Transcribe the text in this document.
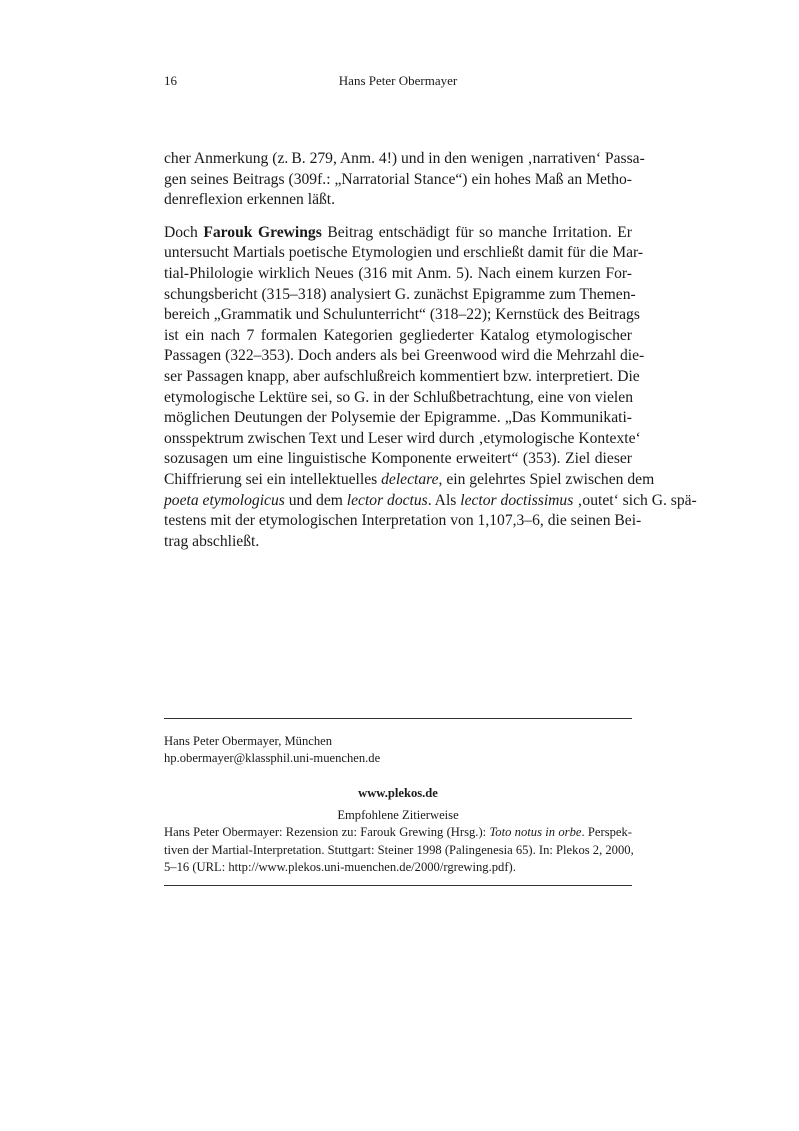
16	Hans Peter Obermayer
cher Anmerkung (z. B. 279, Anm. 4!) und in den wenigen ‚narrativen‘ Passa-
gen seines Beitrags (309f.: „Narratorial Stance“) ein hohes Maß an Metho-
denreflexion erkennen läßt.
Doch Farouk Grewings Beitrag entschädigt für so manche Irritation. Er
untersucht Martials poetische Etymologien und erschließt damit für die Mar-
tial-Philologie wirklich Neues (316 mit Anm. 5). Nach einem kurzen For-
schungsbericht (315–318) analysiert G. zunächst Epigramme zum Themen-
bereich „Grammatik und Schulunterricht“ (318–22); Kernstück des Beitrags
ist ein nach 7 formalen Kategorien gegliederter Katalog etymologischer
Passagen (322–353). Doch anders als bei Greenwood wird die Mehrzahl die-
ser Passagen knapp, aber aufschlußreich kommentiert bzw. interpretiert. Die
etymologische Lektüre sei, so G. in der Schlußbetrachtung, eine von vielen
möglichen Deutungen der Polysemie der Epigramme. „Das Kommunikati-
onsspektrum zwischen Text und Leser wird durch ‚etymologische Kontexte‘
sozusagen um eine linguistische Komponente erweitert“ (353). Ziel dieser
Chiffrierung sei ein intellektuelles delectare, ein gelehrtes Spiel zwischen dem
poeta etymologicus und dem lector doctus. Als lector doctissimus ‚outet‘ sich G. spä-
testens mit der etymologischen Interpretation von 1,107,3–6, die seinen Bei-
trag abschließt.
Hans Peter Obermayer, München
hp.obermayer@klassphil.uni-muenchen.de
www.plekos.de
Empfohlene Zitierweise
Hans Peter Obermayer: Rezension zu: Farouk Grewing (Hrsg.): Toto notus in orbe. Perspek-
tiven der Martial-Interpretation. Stuttgart: Steiner 1998 (Palingenesia 65). In: Plekos 2, 2000,
5–16 (URL: http://www.plekos.uni-muenchen.de/2000/rgrewing.pdf).
